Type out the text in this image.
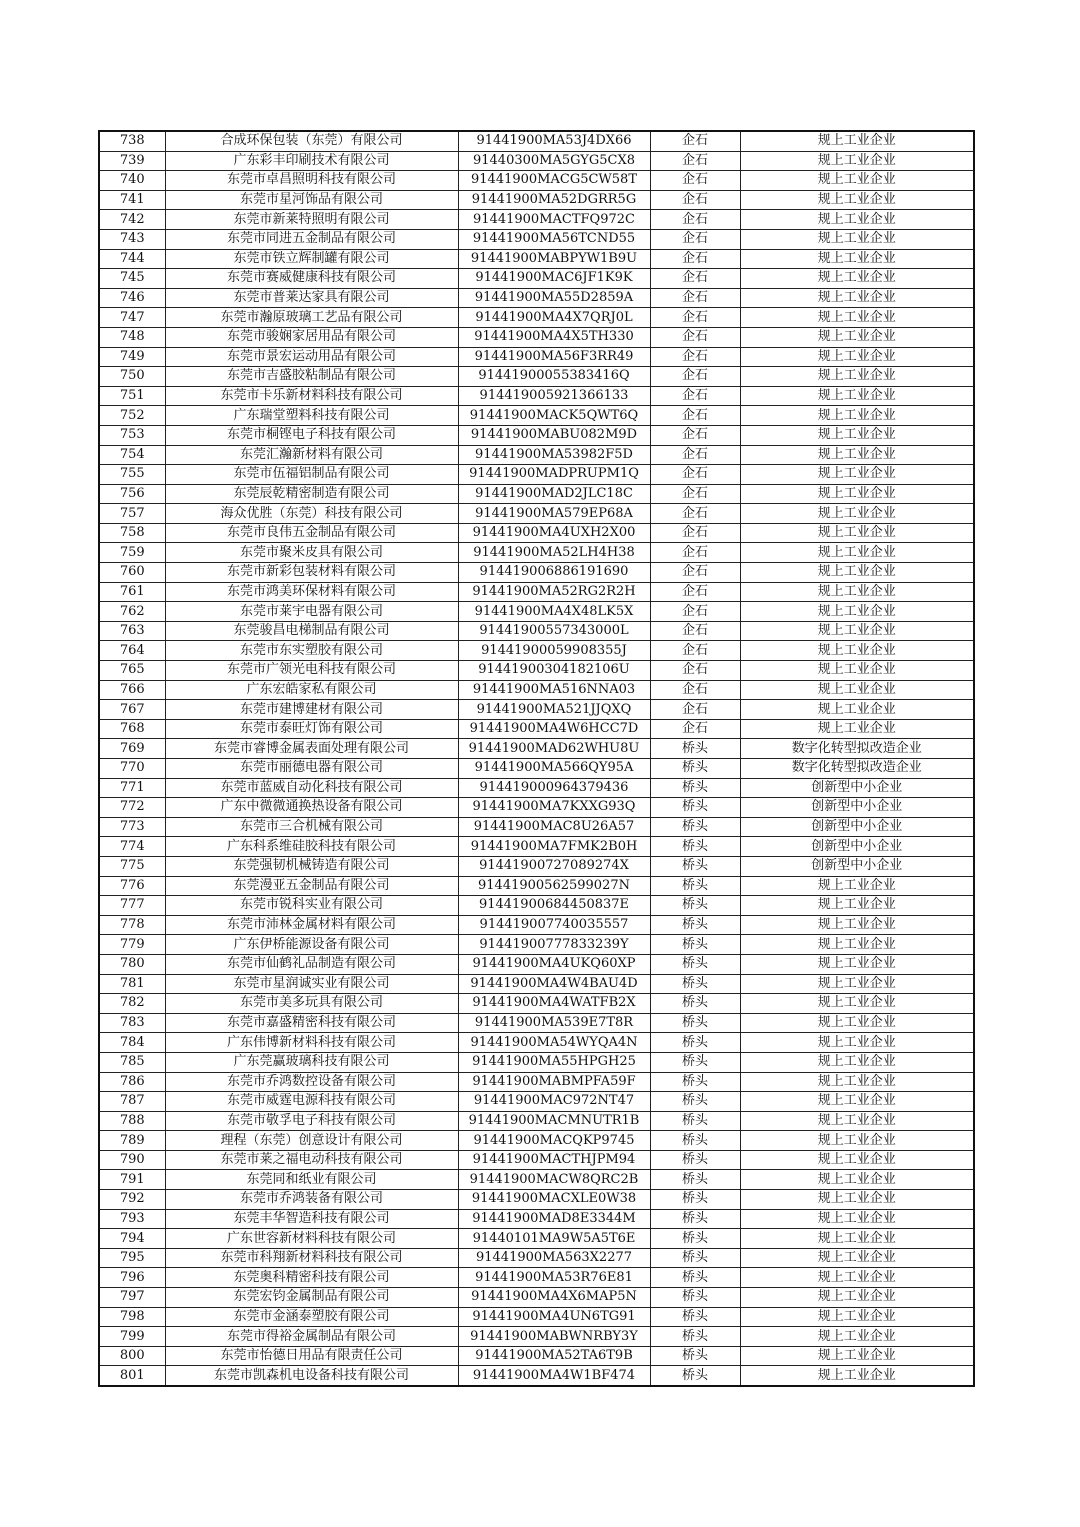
738	合成环保包装（东莞）有限公司	91441900MA53J4DX66	企石	规上工业企业
739	广东彩丰印刷技术有限公司	91440300MA5GYG5CX8	企石	规上工业企业
740	东莞市卓昌照明科技有限公司	91441900MACG5CW58T	企石	规上工业企业
741	东莞市星河饰品有限公司	91441900MA52DGRR5G	企石	规上工业企业
742	东莞市新莱特照明有限公司	91441900MACTFQ972C	企石	规上工业企业
743	东莞市同进五金制品有限公司	91441900MA56TCND55	企石	规上工业企业
744	东莞市铁立辉制罐有限公司	91441900MABPYW1B9U	企石	规上工业企业
745	东莞市赛威健康科技有限公司	91441900MAC6JF1K9K	企石	规上工业企业
746	东莞市普莱达家具有限公司	91441900MA55D2859A	企石	规上工业企业
747	东莞市瀚原玻璃工艺品有限公司	91441900MA4X7QRJ0L	企石	规上工业企业
748	东莞市骏娴家居用品有限公司	91441900MA4X5TH330	企石	规上工业企业
749	东莞市景宏运动用品有限公司	91441900MA56F3RR49	企石	规上工业企业
750	东莞市吉盛胶粘制品有限公司	91441900055383416Q	企石	规上工业企业
751	东莞市卡乐新材料科技有限公司	914419005921366133	企石	规上工业企业
752	广东瑞堂塑料科技有限公司	91441900MACK5QWT6Q	企石	规上工业企业
753	东莞市桐铿电子科技有限公司	91441900MABU082M9D	企石	规上工业企业
754	东莞汇瀚新材料有限公司	91441900MA53982F5D	企石	规上工业企业
755	东莞市伍福铝制品有限公司	91441900MADPRUPM1Q	企石	规上工业企业
756	东莞辰乾精密制造有限公司	91441900MAD2JLC18C	企石	规上工业企业
757	海众优胜（东莞）科技有限公司	91441900MA579EP68A	企石	规上工业企业
758	东莞市良伟五金制品有限公司	91441900MA4UXH2X00	企石	规上工业企业
759	东莞市聚米皮具有限公司	91441900MA52LH4H38	企石	规上工业企业
760	东莞市新彩包装材料有限公司	914419006886191690	企石	规上工业企业
761	东莞市鸿美环保材料有限公司	91441900MA52RG2R2H	企石	规上工业企业
762	东莞市莱宇电器有限公司	91441900MA4X48LK5X	企石	规上工业企业
763	东莞骏昌电梯制品有限公司	91441900557343000L	企石	规上工业企业
764	东莞市东实塑胶有限公司	91441900059908355J	企石	规上工业企业
765	东莞市广领光电科技有限公司	91441900304182106U	企石	规上工业企业
766	广东宏皓家私有限公司	91441900MA516NNA03	企石	规上工业企业
767	东莞市建博建材有限公司	91441900MA521JJQXQ	企石	规上工业企业
768	东莞市泰旺灯饰有限公司	91441900MA4W6HCC7D	企石	规上工业企业
769	东莞市睿博金属表面处理有限公司	91441900MAD62WHU8U	桥头	数字化转型拟改造企业
770	东莞市丽德电器有限公司	91441900MA566QY95A	桥头	数字化转型拟改造企业
771	东莞市蓝威自动化科技有限公司	914419000964379436	桥头	创新型中小企业
772	广东中微微通换热设备有限公司	91441900MA7KXXG93Q	桥头	创新型中小企业
773	东莞市三合机械有限公司	91441900MAC8U26A57	桥头	创新型中小企业
774	广东科系维硅胶科技有限公司	91441900MA7FMK2B0H	桥头	创新型中小企业
775	东莞强韧机械铸造有限公司	91441900727089274X	桥头	创新型中小企业
776	东莞漫亚五金制品有限公司	91441900562599027N	桥头	规上工业企业
777	东莞市锐科实业有限公司	91441900684450837E	桥头	规上工业企业
778	东莞市沛林金属材料有限公司	914419007740035557	桥头	规上工业企业
779	广东伊桥能源设备有限公司	91441900777833239Y	桥头	规上工业企业
780	东莞市仙鹤礼品制造有限公司	91441900MA4UKQ60XP	桥头	规上工业企业
781	东莞市星润诚实业有限公司	91441900MA4W4BAU4D	桥头	规上工业企业
782	东莞市美多玩具有限公司	91441900MA4WATFB2X	桥头	规上工业企业
783	东莞市嘉盛精密科技有限公司	91441900MA539E7T8R	桥头	规上工业企业
784	广东伟博新材料科技有限公司	91441900MA54WYQA4N	桥头	规上工业企业
785	广东莞赢玻璃科技有限公司	91441900MA55HPGH25	桥头	规上工业企业
786	东莞市乔鸿数控设备有限公司	91441900MABMPFA59F	桥头	规上工业企业
787	东莞市威霆电源科技有限公司	91441900MAC972NT47	桥头	规上工业企业
788	东莞市敬孚电子科技有限公司	91441900MACMNUTR1B	桥头	规上工业企业
789	理程（东莞）创意设计有限公司	91441900MACQKP9745	桥头	规上工业企业
790	东莞市莱之福电动科技有限公司	91441900MACTHJPM94	桥头	规上工业企业
791	东莞同和纸业有限公司	91441900MACW8QRC2B	桥头	规上工业企业
792	东莞市乔鸿装备有限公司	91441900MACXLE0W38	桥头	规上工业企业
793	东莞丰华智造科技有限公司	91441900MAD8E3344M	桥头	规上工业企业
794	广东世容新材料科技有限公司	91440101MA9W5A5T6E	桥头	规上工业企业
795	东莞市科翔新材料科技有限公司	91441900MA563X2277	桥头	规上工业企业
796	东莞奥科精密科技有限公司	91441900MA53R76E81	桥头	规上工业企业
797	东莞宏钧金属制品有限公司	91441900MA4X6MAP5N	桥头	规上工业企业
798	东莞市金涵泰塑胶有限公司	91441900MA4UN6TG91	桥头	规上工业企业
799	东莞市得裕金属制品有限公司	91441900MABWNRBY3Y	桥头	规上工业企业
800	东莞市怡德日用品有限责任公司	91441900MA52TA6T9B	桥头	规上工业企业
801	东莞市凯森机电设备科技有限公司	91441900MA4W1BF474	桥头	规上工业企业
